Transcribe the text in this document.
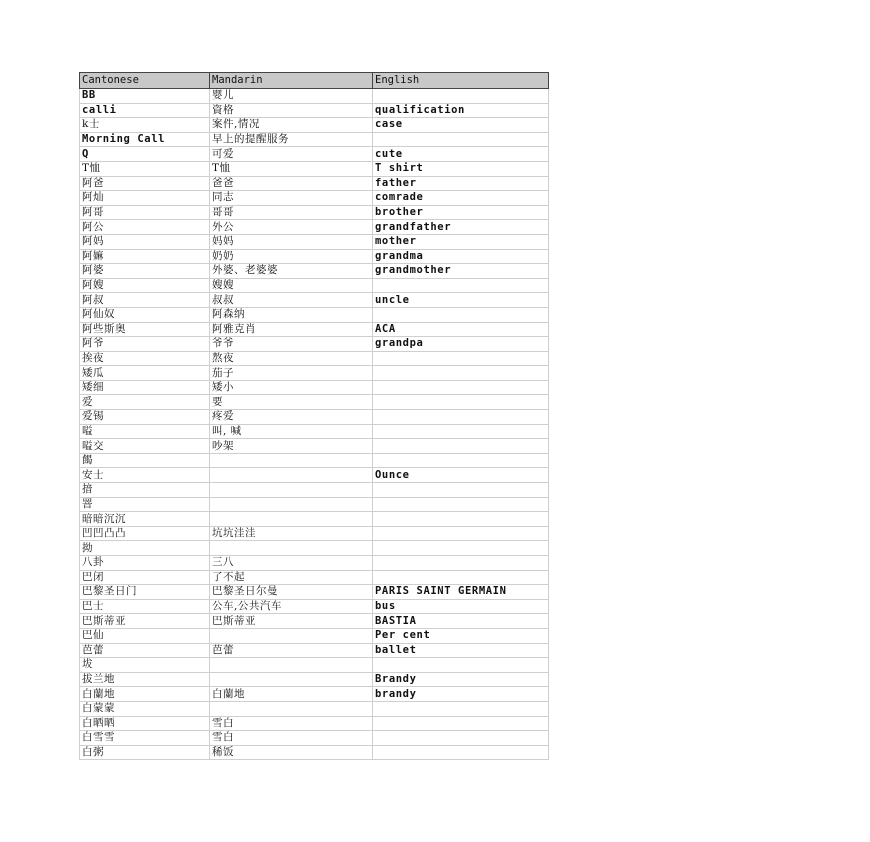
Cantonese	Mandarin	English
BB	婴儿	
calli	資格	qualification
k士	案件,情况	case
Morning Call	早上的提醒服务	
Q	可爱	cute
T恤	T恤	T shirt
阿爸	爸爸	father
阿灿	同志	comrade
阿哥	哥哥	brother
阿公	外公	grandfather
阿妈	妈妈	mother
阿嫲	奶奶	grandma
阿婆	外婆、老婆婆	grandmother
阿嫂	嫂嫂	
阿叔	叔叔	uncle
阿仙奴	阿森纳	
阿些斯奥	阿雅克肖	ACA
阿爷	爷爷	grandpa
挨夜	熬夜	
矮瓜	茄子	
矮细	矮小	
爱	要	
爱锡	疼爱	
嗌	叫, 喊	
嗌交	吵架	
餲		
安士		Ounce
揞		
罯		
暗暗沉沉		
凹凹凸凸	坑坑洼洼	
拗		
八卦	三八	
巴闭	了不起	
巴黎圣日门	巴黎圣日尔曼	PARIS SAINT GERMAIN
巴士	公车,公共汽车	bus
巴斯蒂亚	巴斯蒂亚	BASTIA
巴仙		Per cent
芭蕾	芭蕾	ballet
坺		
拔兰地		Brandy
白蘭地	白蘭地	brandy
白蒙蒙		
白晒晒	雪白	
白雪雪	雪白	
白粥	稀饭	
